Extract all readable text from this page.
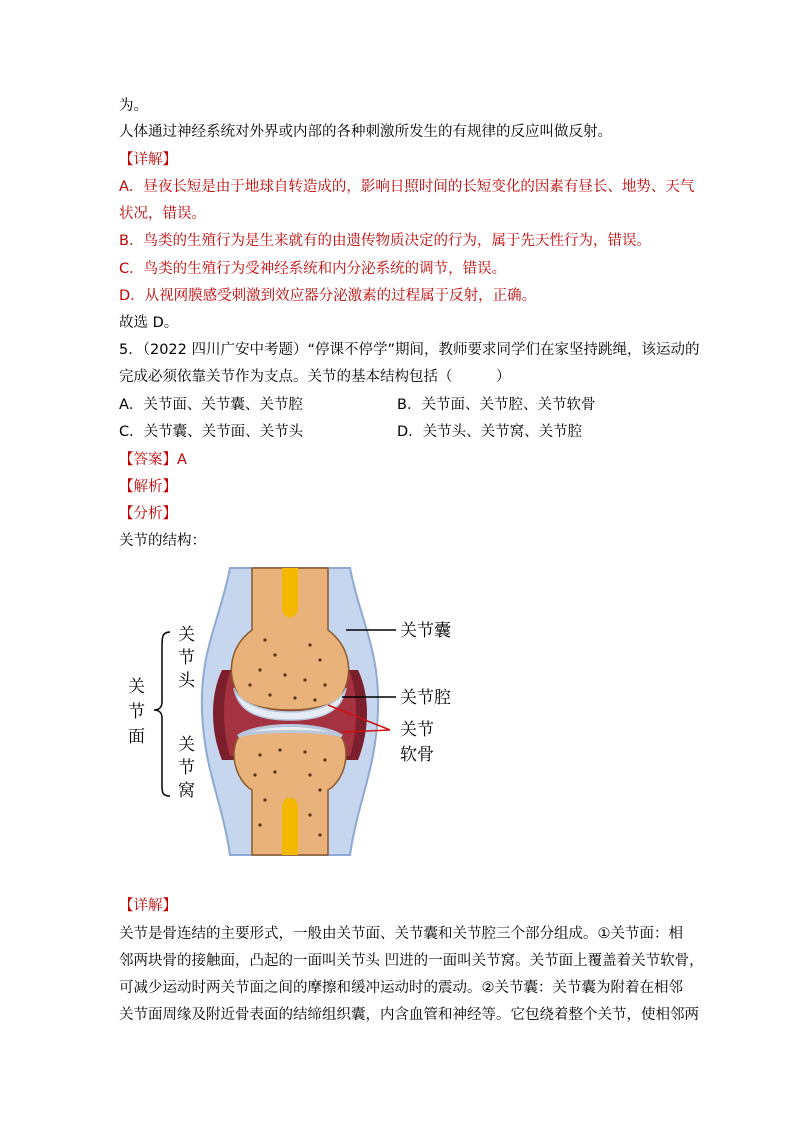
为。
人体通过神经系统对外界或内部的各种刺激所发生的有规律的反应叫做反射。
【详解】
A．昼夜长短是由于地球自转造成的，影响日照时间的长短变化的因素有昼长、地势、天气
状况，错误。
B．鸟类的生殖行为是生来就有的由遗传物质决定的行为，属于先天性行为，错误。
C．鸟类的生殖行为受神经系统和内分泌系统的调节，错误。
D．从视网膜感受刺激到效应器分泌激素的过程属于反射，正确。
故选 D。
5．（2022 四川广安中考题）“停课不停学”期间，教师要求同学们在家坚持跳绳，该运动的
完成必须依靠关节作为支点。关节的基本结构包括（　　　）
A．关节面、关节囊、关节腔	B．关节面、关节腔、关节软骨
C．关节囊、关节面、关节头	D．关节头、关节窝、关节腔
【答案】A
【解析】
【分析】
关节的结构：
关节囊
关节腔
关节
软骨
关
节
面
关
节
头
关
节
窝
【详解】
关节是骨连结的主要形式，一般由关节面、关节囊和关节腔三个部分组成。①关节面：相
邻两块骨的接触面，凸起的一面叫关节头 凹进的一面叫关节窝。关节面上覆盖着关节软骨，
可减少运动时两关节面之间的摩擦和缓冲运动时的震动。②关节囊：关节囊为附着在相邻
关节面周缘及附近骨表面的结缔组织囊，内含血管和神经等。它包绕着整个关节，使相邻两
